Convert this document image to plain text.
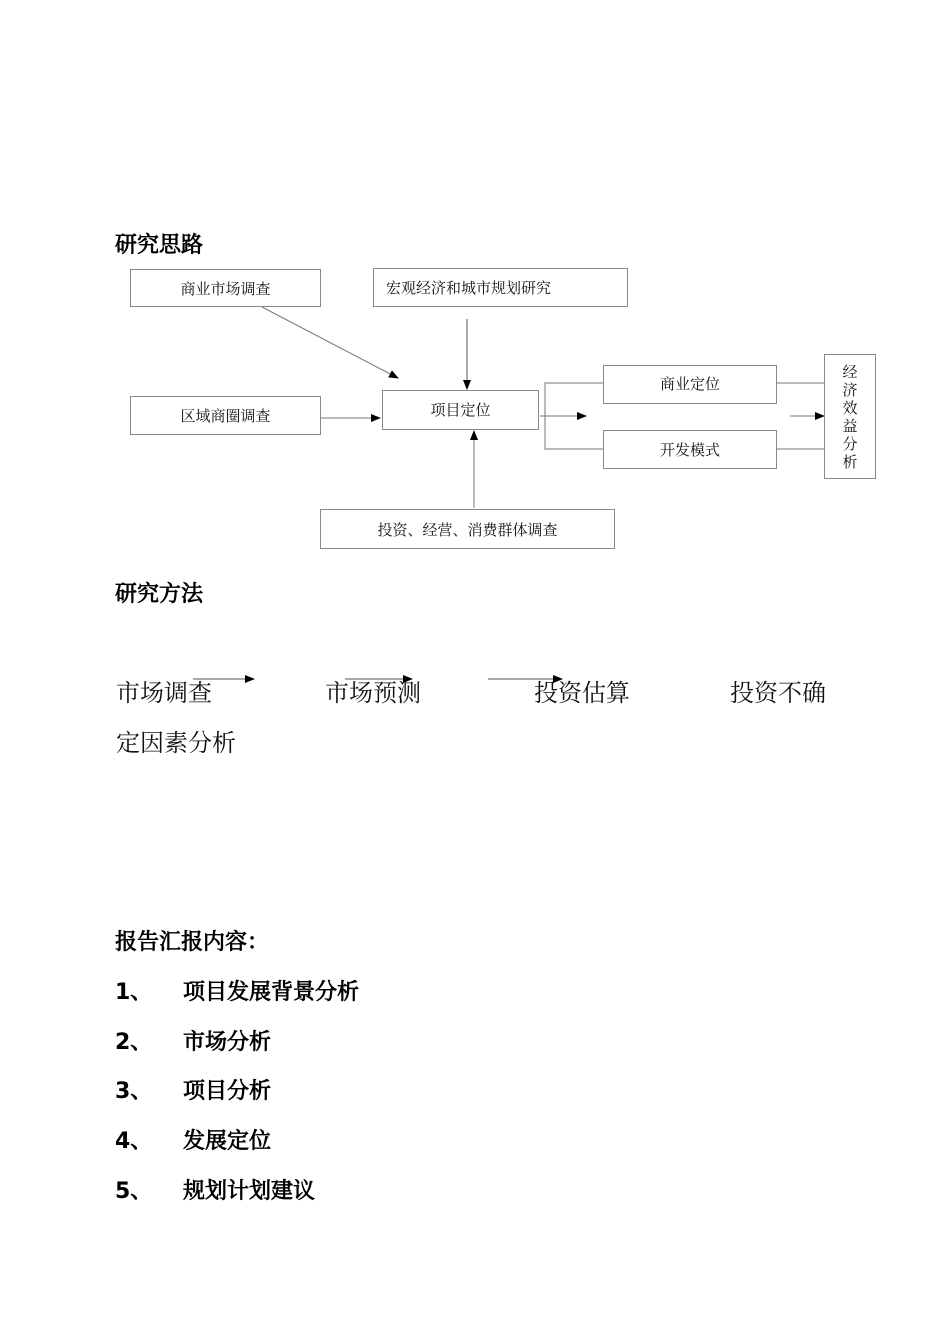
研究思路
商业市场调查	宏观经济和城市规划研究
区域商圈调查	项目定位
商业定位
开发模式
经
济
效
益
分
析
投资、经营、消费群体调查
研究方法
市场调查	市场预测	投资估算	投资不确
定因素分析
报告汇报内容：
1、 项目发展背景分析
2、 市场分析
3、 项目分析
4、 发展定位
5、 规划计划建议
